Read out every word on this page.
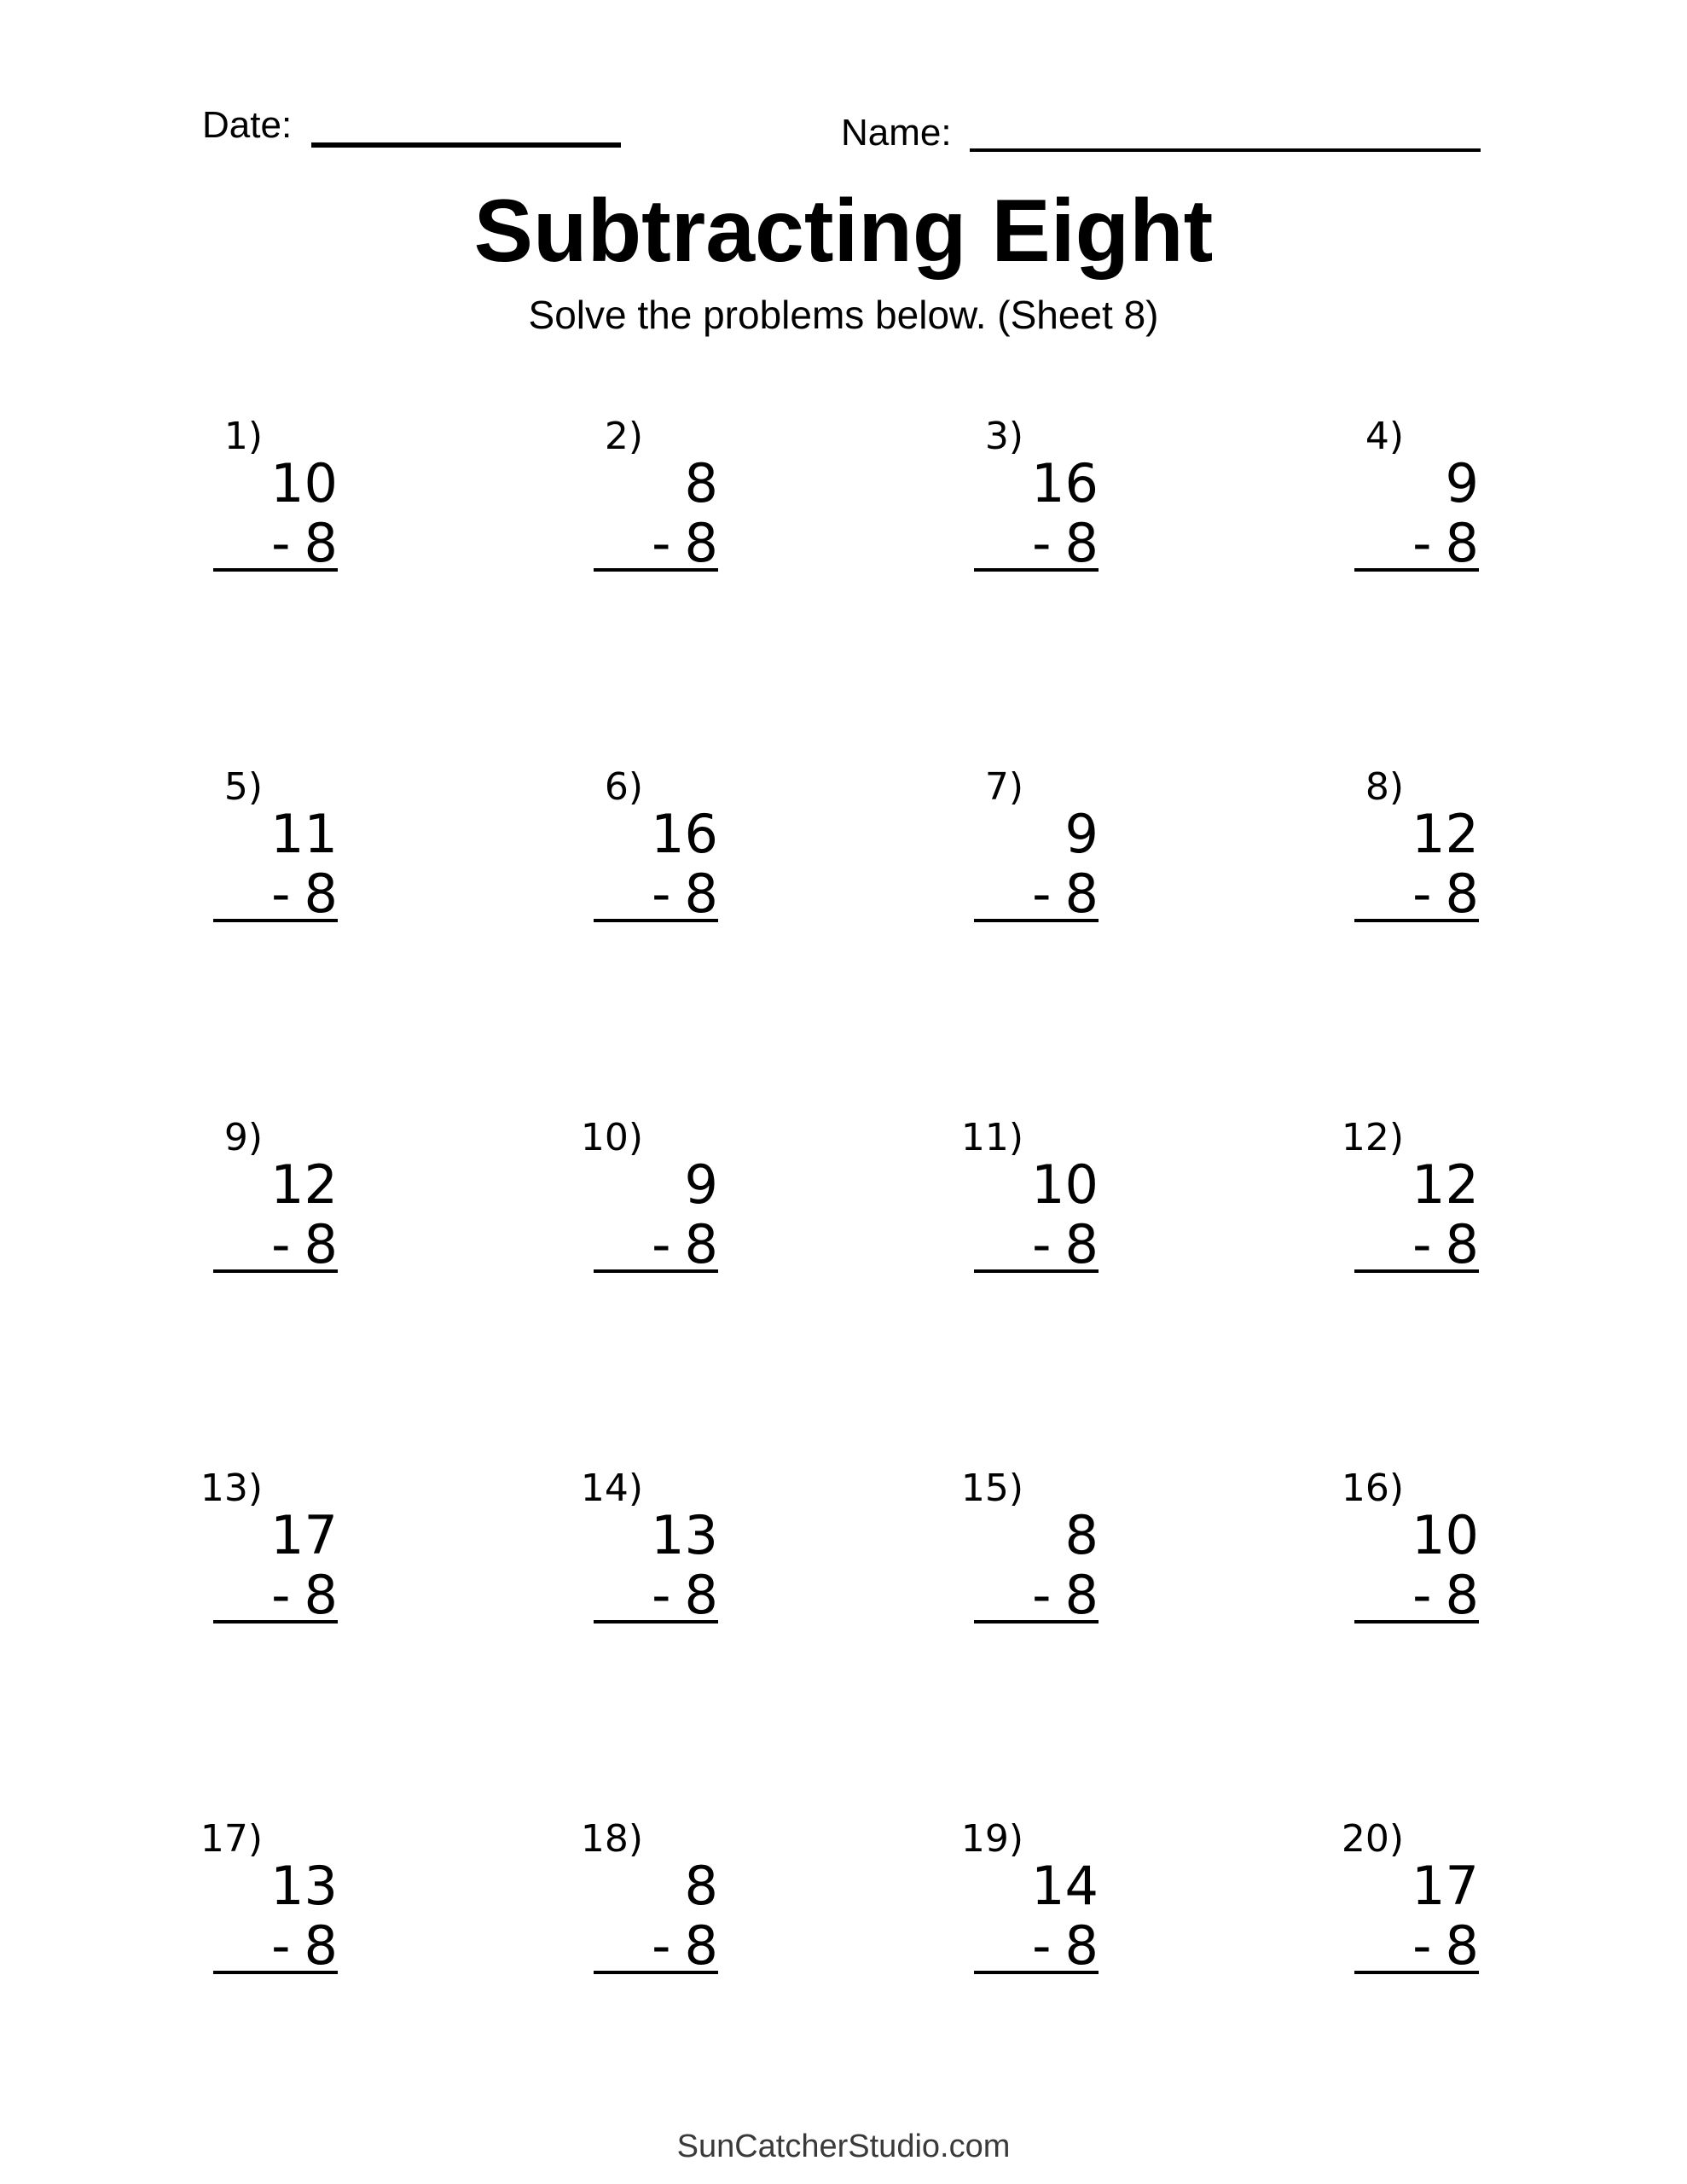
Date:	Name:
Subtracting Eight
Solve the problems below. (Sheet 8)
1)
10
- 8
2)
8
- 8
3)
16
- 8
4)
9
- 8
5)
11
- 8
6)
16
- 8
7)
9
- 8
8)
12
- 8
9)
12
- 8
10)
9
- 8
11)
10
- 8
12)
12
- 8
13)
17
- 8
14)
13
- 8
15)
8
- 8
16)
10
- 8
17)
13
- 8
18)
8
- 8
19)
14
- 8
20)
17
- 8
SunCatcherStudio.com
